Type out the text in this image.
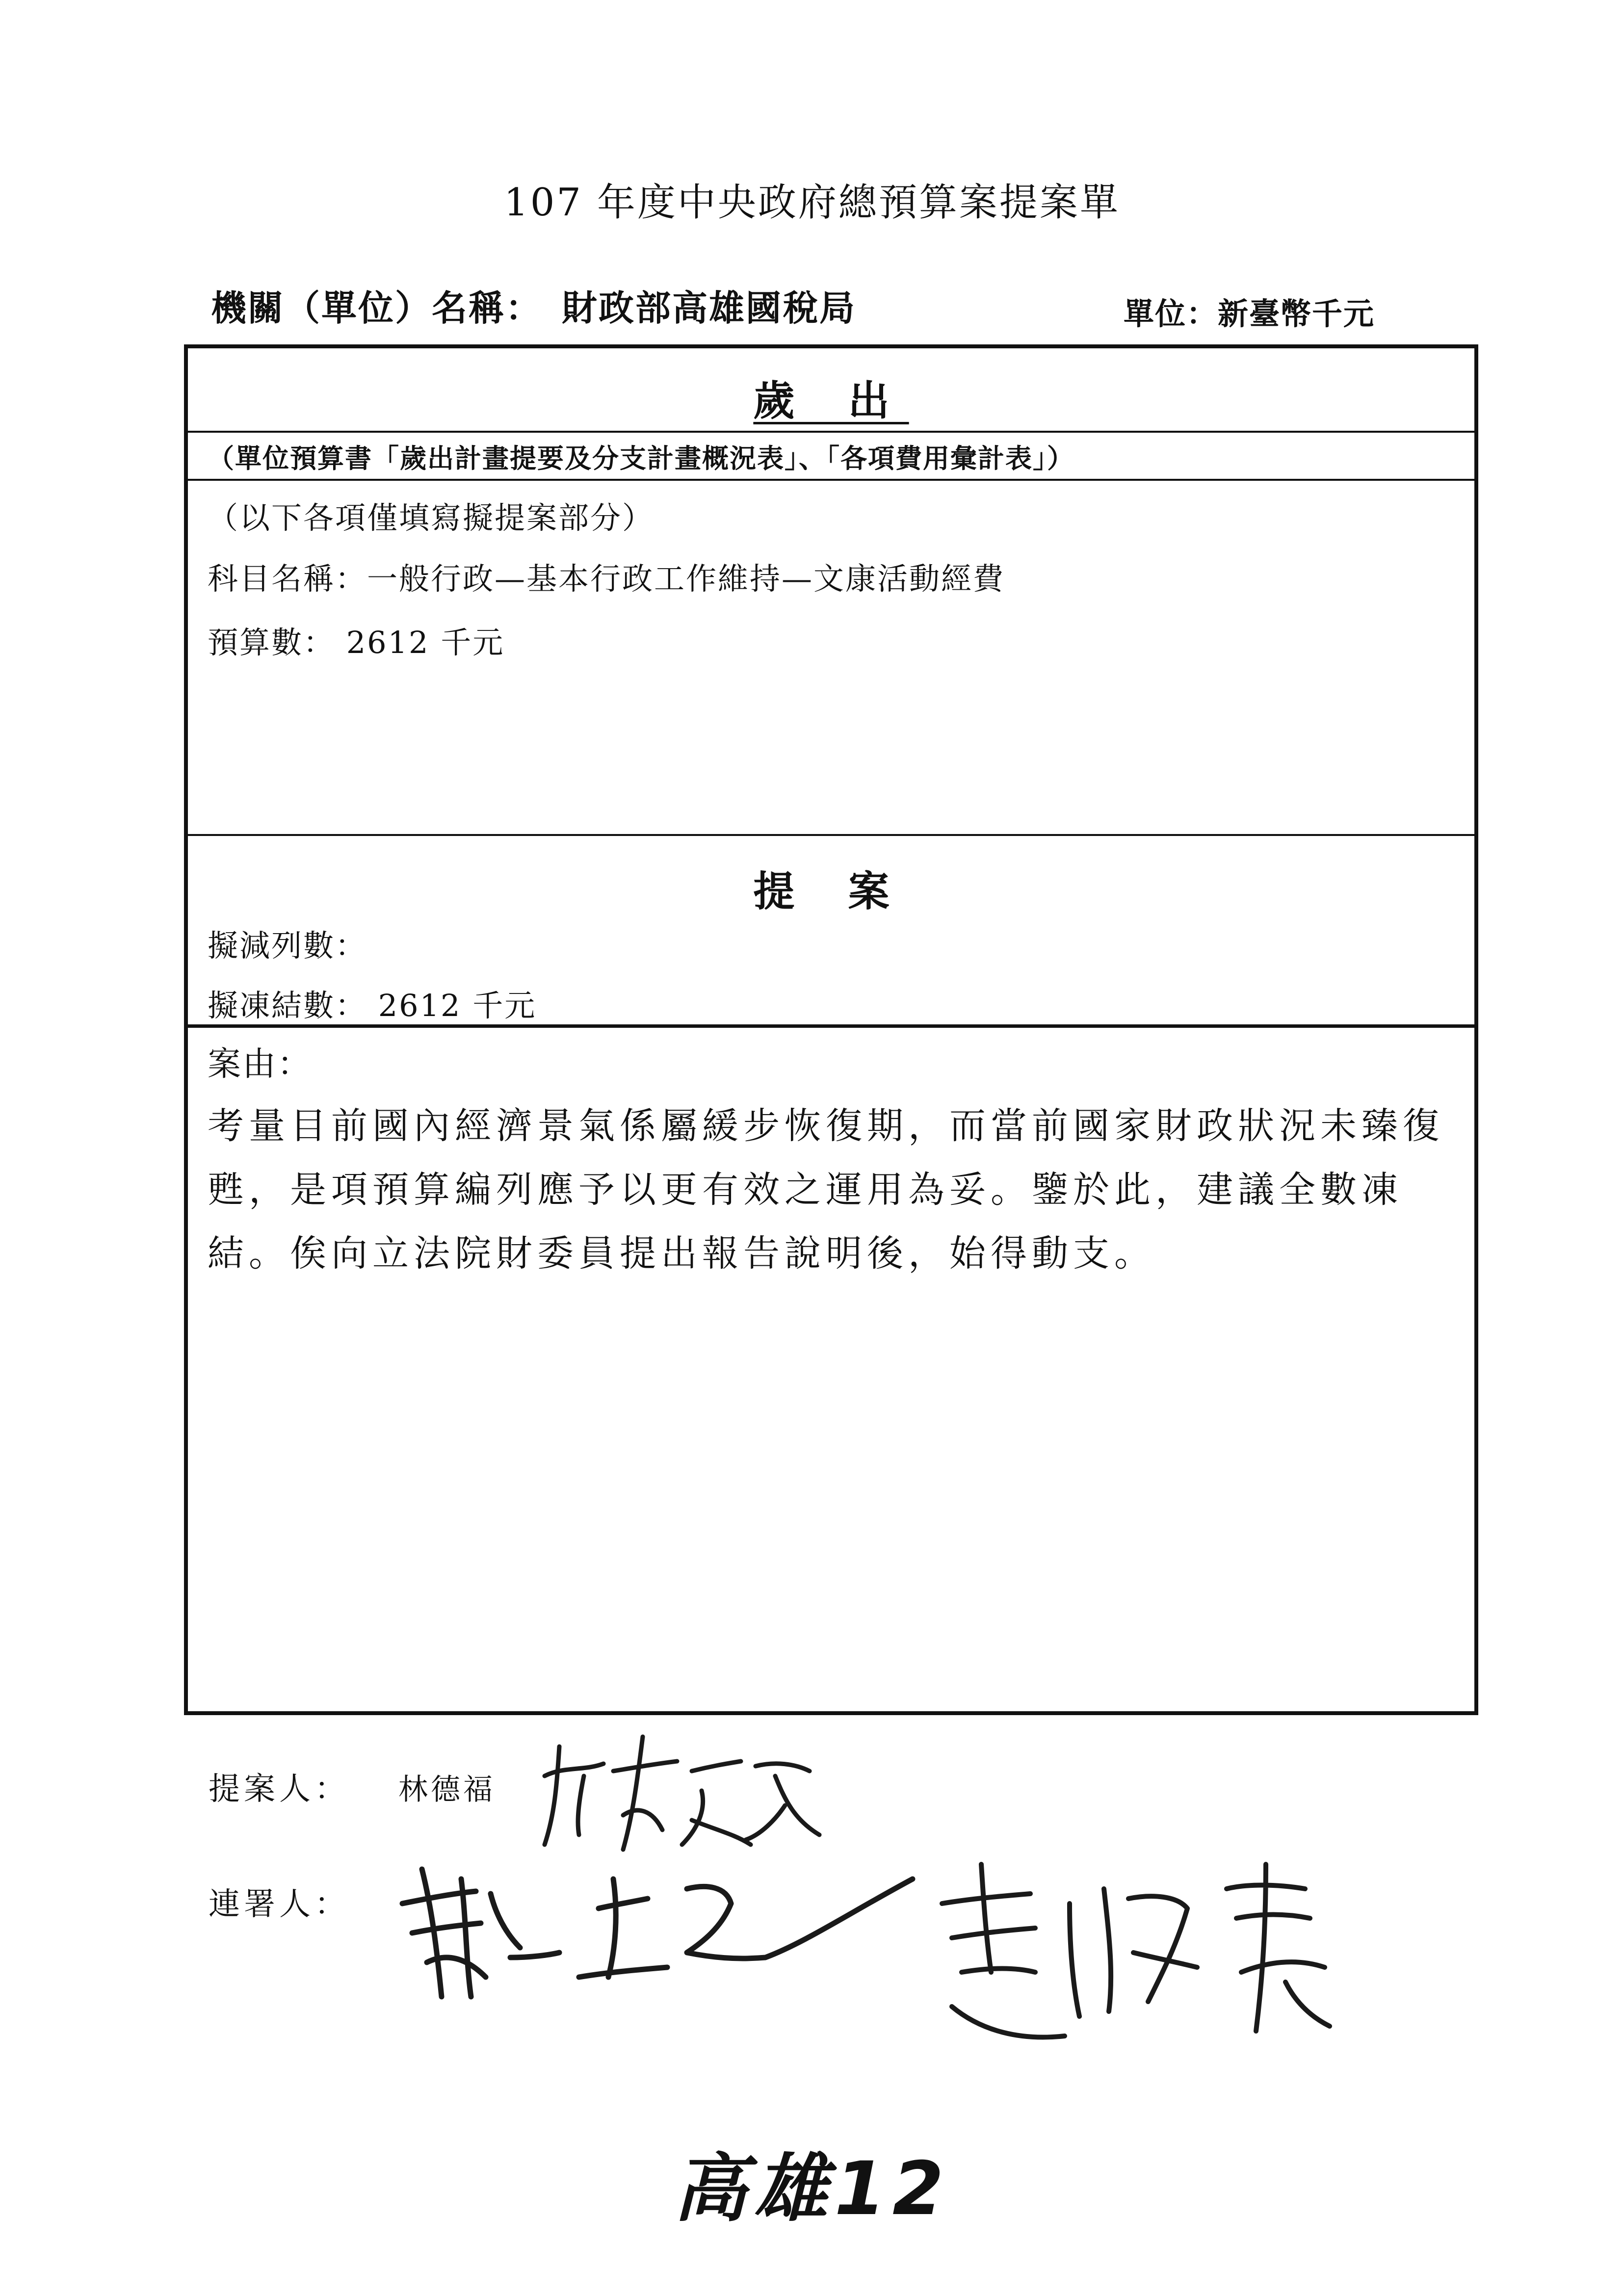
107 年度中央政府總預算案提案單
機關（單位）名稱： 財政部高雄國稅局	單位：新臺幣千元
歲 出
（單位預算書「歲出計畫提要及分支計畫概況表」、「各項費用彙計表」）
（以下各項僅填寫擬提案部分）
科目名稱：一般行政—基本行政工作維持—文康活動經費
預算數： 2612 千元
提 案
擬減列數：
擬凍結數： 2612 千元
案由：
考量目前國內經濟景氣係屬緩步恢復期，而當前國家財政狀況未臻復甦，是項預算編列應予以更有效之運用為妥。鑒於此，建議全數凍結。俟向立法院財委員提出報告說明後，始得動支。
提案人： 林德福
連署人：
高雄12
